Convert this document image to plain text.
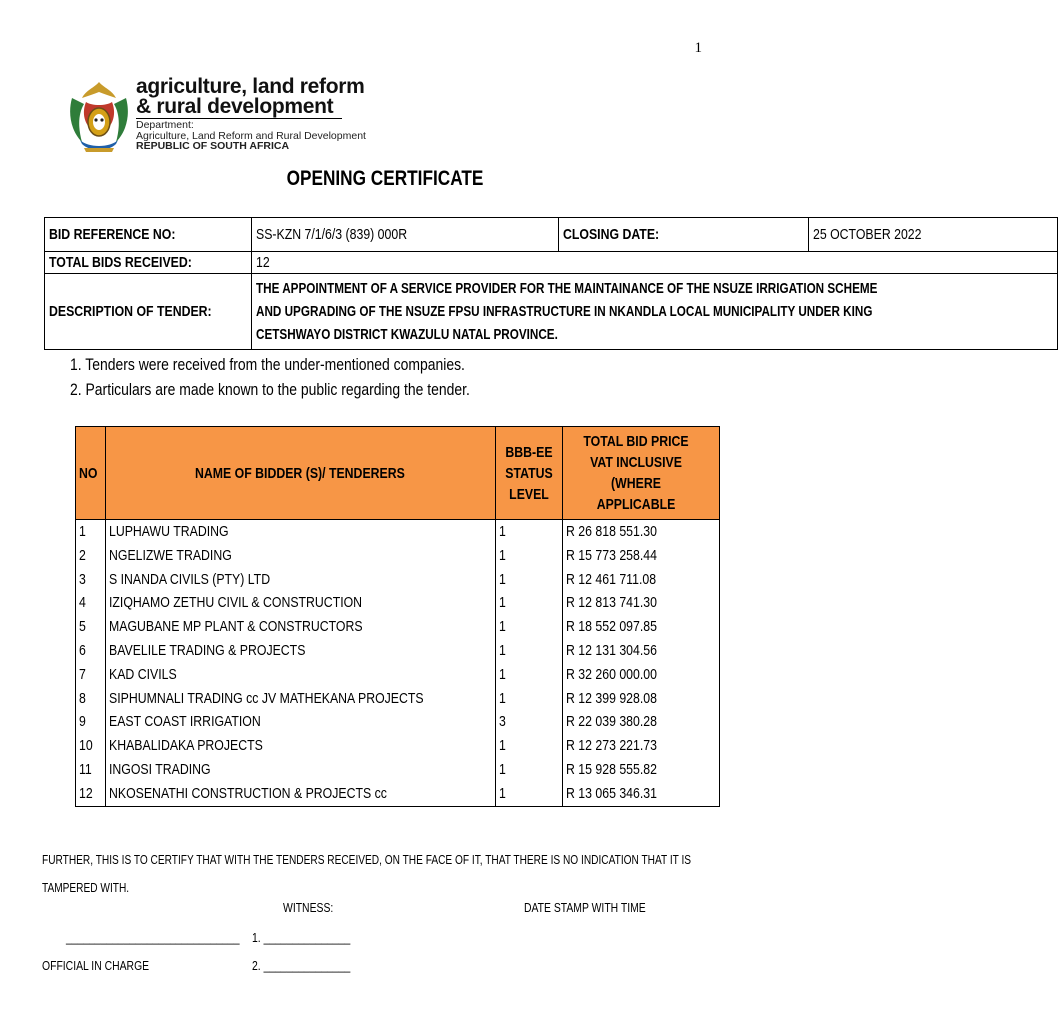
1
agriculture, land reform
& rural development
Department:
Agriculture, Land Reform and Rural Development
REPUBLIC OF SOUTH AFRICA
OPENING CERTIFICATE
BID REFERENCE NO:	SS-KZN 7/1/6/3 (839) 000R	CLOSING DATE:	25 OCTOBER 2022
TOTAL BIDS RECEIVED:	12		
DESCRIPTION OF TENDER:	THE APPOINTMENT OF A SERVICE PROVIDER FOR THE MAINTAINANCE OF THE NSUZE IRRIGATION SCHEME
AND UPGRADING OF THE NSUZE FPSU INFRASTRUCTURE IN NKANDLA LOCAL MUNICIPALITY UNDER KING
CETSHWAYO DISTRICT KWAZULU NATAL PROVINCE.		
1. Tenders were received from the under-mentioned companies.
2. Particulars are made known to the public regarding the tender.
NO	NAME OF BIDDER (S)/ TENDERERS	BBB-EE STATUS LEVEL	TOTAL BID PRICE VAT INCLUSIVE (WHERE APPLICABLE
1	LUPHAWU TRADING	1	R 26 818 551.30
2	NGELIZWE TRADING	1	R 15 773 258.44
3	S INANDA CIVILS (PTY) LTD	1	R 12 461 711.08
4	IZIQHAMO ZETHU CIVIL & CONSTRUCTION	1	R 12 813 741.30
5	MAGUBANE MP PLANT & CONSTRUCTORS	1	R 18 552 097.85
6	BAVELILE TRADING & PROJECTS	1	R 12 131 304.56
7	KAD CIVILS	1	R 32 260 000.00
8	SIPHUMNALI TRADING cc JV MATHEKANA PROJECTS	1	R 12 399 928.08
9	EAST COAST IRRIGATION	3	R 22 039 380.28
10	KHABALIDAKA PROJECTS	1	R 12 273 221.73
11	INGOSI TRADING	1	R 15 928 555.82
12	NKOSENATHI CONSTRUCTION & PROJECTS cc	1	R 13 065 346.31
FURTHER, THIS IS TO CERTIFY THAT WITH THE TENDERS RECEIVED, ON THE FACE OF IT, THAT THERE IS NO INDICATION THAT IT IS
TAMPERED WITH.
WITNESS:	DATE STAMP WITH TIME
______________________________ 1. _______________
OFFICIAL IN CHARGE	2. _______________
